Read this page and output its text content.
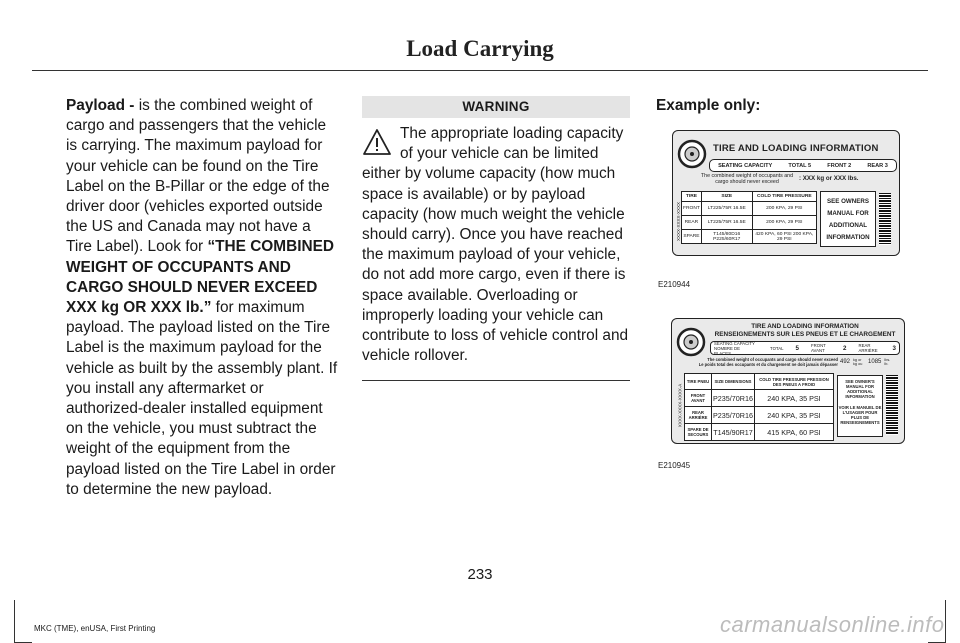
Load Carrying

Payload - is the combined weight of cargo and passengers that the vehicle is carrying. The maximum payload for your vehicle can be found on the Tire Label on the B-Pillar or the edge of the driver door (vehicles exported outside the US and Canada may not have a Tire Label). Look for “THE COMBINED WEIGHT OF OCCUPANTS AND CARGO SHOULD NEVER EXCEED XXX kg OR XXX lb.” for maximum payload. The payload listed on the Tire Label is the maximum payload for the vehicle as built by the assembly plant. If you install any aftermarket or authorized-dealer installed equipment on the vehicle, you must subtract the weight of the equipment from the payload listed on the Tire Label in order to determine the new payload.

WARNING
The appropriate loading capacity of your vehicle can be limited either by volume capacity (how much space is available) or by payload capacity (how much weight the vehicle should carry). Once you have reached the maximum payload of your vehicle, do not add more cargo, even if there is space available. Overloading or improperly loading your vehicle can contribute to loss of vehicle control and vehicle rollover.
Example only:
TIRE AND LOADING INFORMATION
SEATING CAPACITY	TOTAL 5	FRONT 2	REAR 3
The combined weight of occupants and cargo should never exceed	: XXX kg or XXX lbs.
TIRE	SIZE	COLD TIRE PRESSURE
FRONT	LT225/75R 16.5E	200 KPA, 29 PSI
REAR	LT225/75R 16.5E	200 KPA, 29 PSI
SPARE	T145/80D16 P225/60R17	420 KPA, 60 PSI 200 KPA, 29 PSI
SEE OWNERS
MANUAL FOR
ADDITIONAL
INFORMATION
XXXX-XXXX-XXXX
E210944
TIRE AND LOADING INFORMATION
RENSEIGNEMENTS SUR LES PNEUS ET LE CHARGEMENT
SEATING CAPACITY NOMBRE DE PLACES
TOTAL 5	FRONT AVANT	2	REAR ARRIÈRE	3
The combined weight of occupants and cargo should never exceed
Le poids total des occupants et du chargement ne doit jamais dépasser 492 kg or kg ou 1085 lbs. lb.
TIRE PNEU	SIZE DIMENSIONS	COLD TIRE PRESSURE PRESSION DES PNEUS A FROID
FRONT AVANT	P235/70R16	240 KPA, 35 PSI
REAR ARRIÈRE	P235/70R16	240 KPA, 35 PSI
SPARE DE SECOURS	T145/90R17	415 KPA, 60 PSI
SEE OWNER'S MANUAL FOR ADDITIONAL INFORMATION
VOIR LE MANUEL DE L'USAGER POUR PLUS DE RENSEIGNEMENTS
XXXX-XXXX-XXXX-A
E210945
233
MKC (TME), enUSA, First Printing	carmanualsonline.info
